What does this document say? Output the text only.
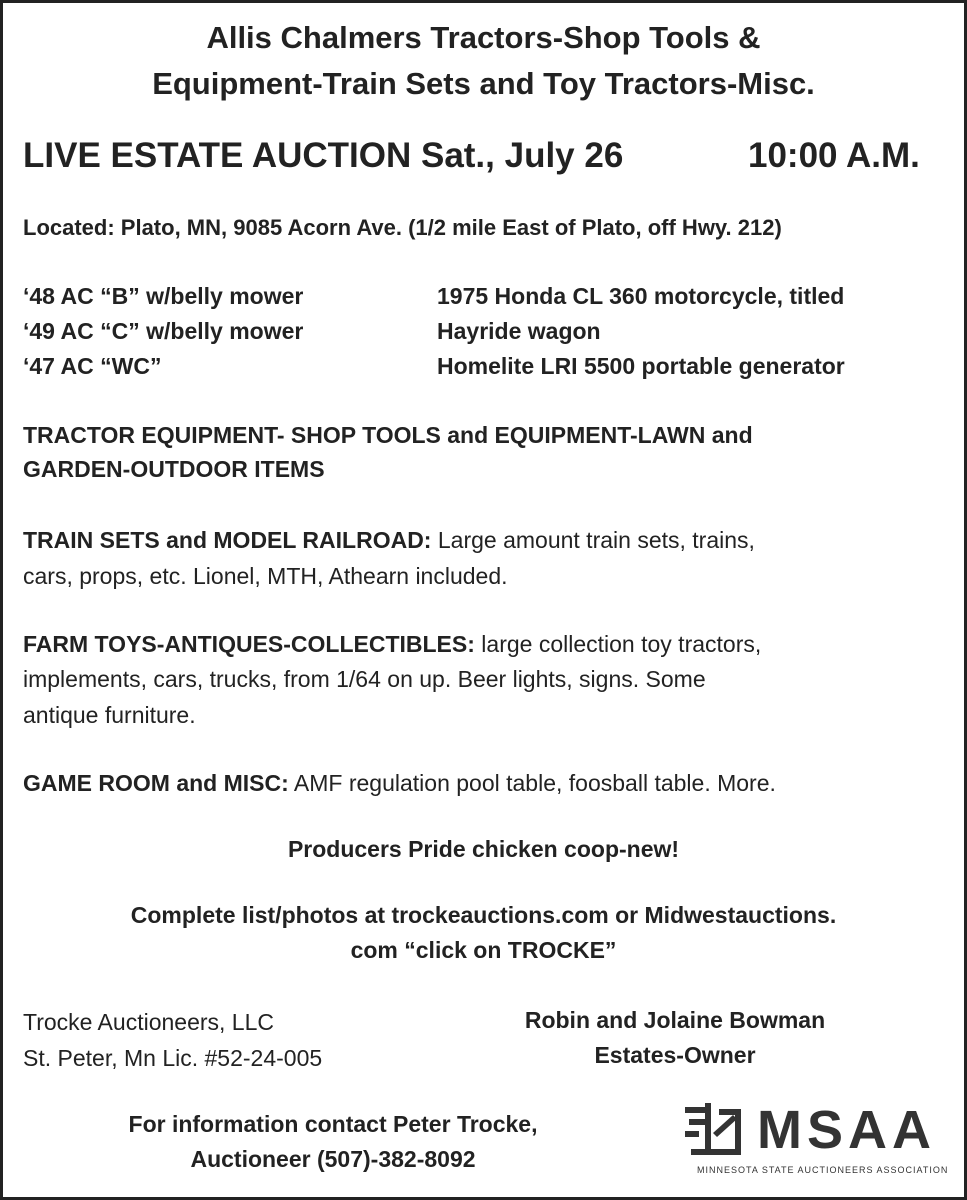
Allis Chalmers Tractors-Shop Tools &
Equipment-Train Sets and Toy Tractors-Misc.
LIVE ESTATE AUCTION Sat., July 26	10:00 A.M.
Located: Plato, MN, 9085 Acorn Ave. (1/2 mile East of Plato, off Hwy. 212)
‘48 AC “B” w/belly mower
‘49 AC “C” w/belly mower
‘47 AC “WC”
1975 Honda CL 360 motorcycle, titled
Hayride wagon
Homelite LRI 5500 portable generator
TRACTOR EQUIPMENT- SHOP TOOLS and EQUIPMENT-LAWN and
GARDEN-OUTDOOR ITEMS
TRAIN SETS and MODEL RAILROAD: Large amount train sets, trains,
cars, props, etc. Lionel, MTH, Athearn included.
FARM TOYS-ANTIQUES-COLLECTIBLES: large collection toy tractors,
implements, cars, trucks, from 1/64 on up. Beer lights, signs. Some
antique furniture.
GAME ROOM and MISC: AMF regulation pool table, foosball table. More.
Producers Pride chicken coop-new!
Complete list/photos at trockeauctions.com or Midwestauctions.
com “click on TROCKE”
Trocke Auctioneers, LLC
St. Peter, Mn Lic. #52-24-005
Robin and Jolaine Bowman
Estates-Owner
For information contact Peter Trocke,
Auctioneer (507)-382-8092	MSAA
MINNESOTA STATE AUCTIONEERS ASSOCIATION
